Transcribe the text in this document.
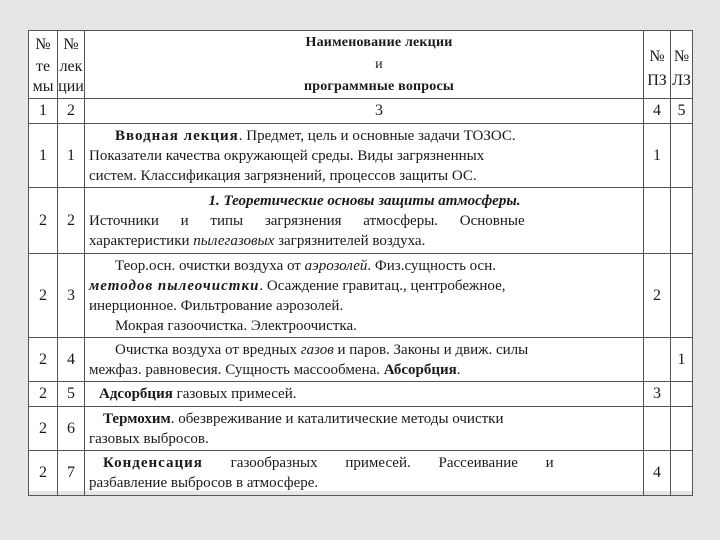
№
те
мы	№
лек
ции	Наименование лекции
и
программные вопросы	№
ПЗ	№
ЛЗ

1	2	3	4	5
1	1	Вводная лекция. Предмет, цель и основные задачи ТОЗОС.
Показатели качества окружающей среды. Виды загрязненных
систем. Классификация загрязнений, процессов защиты ОС.	1	
2	2	1. Теоретические основы защиты атмосферы.
Источники и типы загрязнения атмосферы. Основные
характеристики пылегазовых загрязнителей воздуха.		

2	3	Теор.осн. очистки воздуха от аэрозолей. Физ.сущность осн.
методов пылеочистки. Осаждение гравитац., центробежное,
инерционное. Фильтрование аэрозолей.
Мокрая газоочистка. Электроочистка.	2	
2	4	Очистка воздуха от вредных газов и паров. Законы и движ. силы
межфаз. равновесия. Сущность массообмена. Абсорбция.		1
2	5	Адсорбция газовых примесей.	3	
2	6	Термохим. обезвреживание и каталитические методы очистки
газовых выбросов.		

2	7	Конденсация газообразных примесей. Рассеивание и
разбавление выбросов в атмосфере.	4	
